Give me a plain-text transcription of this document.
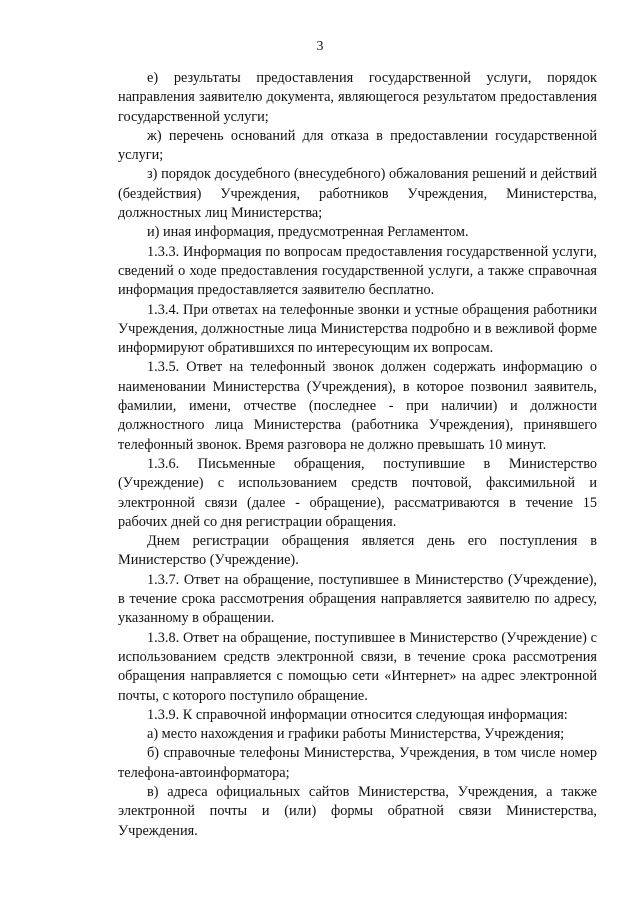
3

е) результаты предоставления государственной услуги, порядок направления заявителю документа, являющегося результатом предоставления государственной услуги;

ж) перечень оснований для отказа в предоставлении государственной услуги;

з) порядок досудебного (внесудебного) обжалования решений и действий (бездействия) Учреждения, работников Учреждения, Министерства, должностных лиц Министерства;

и) иная информация, предусмотренная Регламентом.

1.3.3. Информация по вопросам предоставления государственной услуги, сведений о ходе предоставления государственной услуги, а также справочная информация предоставляется заявителю бесплатно.

1.3.4. При ответах на телефонные звонки и устные обращения работники Учреждения, должностные лица Министерства подробно и в вежливой форме информируют обратившихся по интересующим их вопросам.

1.3.5. Ответ на телефонный звонок должен содержать информацию о наименовании Министерства (Учреждения), в которое позвонил заявитель, фамилии, имени, отчестве (последнее - при наличии) и должности должностного лица Министерства (работника Учреждения), принявшего телефонный звонок. Время разговора не должно превышать 10 минут.

1.3.6. Письменные обращения, поступившие в Министерство (Учреждение) с использованием средств почтовой, факсимильной и электронной связи (далее - обращение), рассматриваются в течение 15 рабочих дней со дня регистрации обращения.

Днем регистрации обращения является день его поступления в Министерство (Учреждение).

1.3.7. Ответ на обращение, поступившее в Министерство (Учреждение), в течение срока рассмотрения обращения направляется заявителю по адресу, указанному в обращении.

1.3.8. Ответ на обращение, поступившее в Министерство (Учреждение) с использованием средств электронной связи, в течение срока рассмотрения обращения направляется с помощью сети «Интернет» на адрес электронной почты, с которого поступило обращение.

1.3.9. К справочной информации относится следующая информация:

а) место нахождения и графики работы Министерства, Учреждения;

б) справочные телефоны Министерства, Учреждения, в том числе номер телефона-автоинформатора;

в) адреса официальных сайтов Министерства, Учреждения, а также электронной почты и (или) формы обратной связи Министерства, Учреждения.
